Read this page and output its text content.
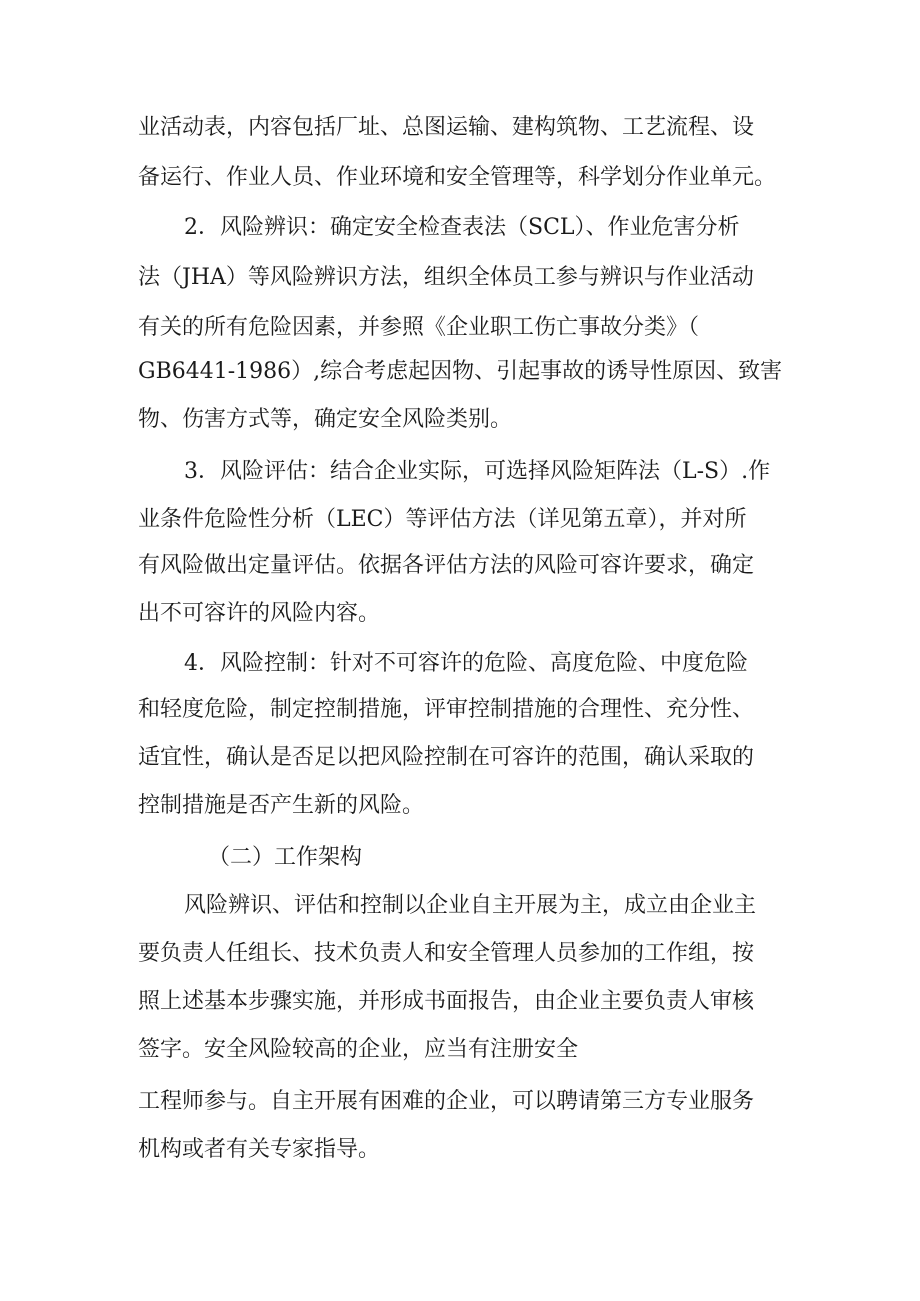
业活动表，内容包括厂址、总图运输、建构筑物、工艺流程、设
备运行、作业人员、作业环境和安全管理等，科学划分作业单元。
2．风险辨识：确定安全检查表法（SCL）、作业危害分析
法（JHA）等风险辨识方法，组织全体员工参与辨识与作业活动
有关的所有危险因素，并参照《企业职工伤亡事故分类》（
GB6441-1986）,综合考虑起因物、引起事故的诱导性原因、致害
物、伤害方式等，确定安全风险类别。
3．风险评估：结合企业实际，可选择风险矩阵法（L-S）.作
业条件危险性分析（LEC）等评估方法（详见第五章），并对所
有风险做出定量评估。依据各评估方法的风险可容许要求，确定
出不可容许的风险内容。
4．风险控制：针对不可容许的危险、高度危险、中度危险
和轻度危险，制定控制措施，评审控制措施的合理性、充分性、
适宜性，确认是否足以把风险控制在可容许的范围，确认采取的
控制措施是否产生新的风险。
（二）工作架构
风险辨识、评估和控制以企业自主开展为主，成立由企业主
要负责人任组长、技术负责人和安全管理人员参加的工作组，按
照上述基本步骤实施，并形成书面报告，由企业主要负责人审核
签字。安全风险较高的企业，应当有注册安全
工程师参与。自主开展有困难的企业，可以聘请第三方专业服务
机构或者有关专家指导。
